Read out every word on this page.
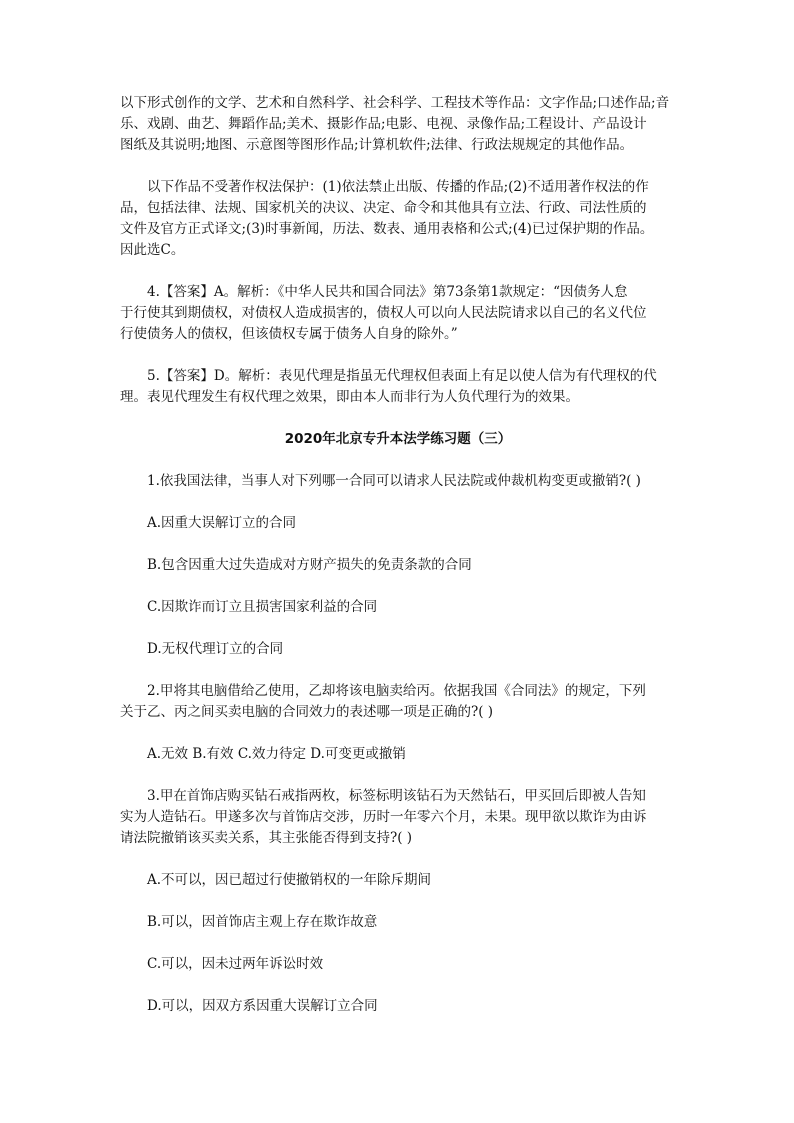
以下形式创作的文学、艺术和自然科学、社会科学、工程技术等作品：文字作品;口述作品;音
乐、戏剧、曲艺、舞蹈作品;美术、摄影作品;电影、电视、录像作品;工程设计、产品设计
图纸及其说明;地图、示意图等图形作品;计算机软件;法律、行政法规规定的其他作品。

以下作品不受著作权法保护：(1)依法禁止出版、传播的作品;(2)不适用著作权法的作
品，包括法律、法规、国家机关的决议、决定、命令和其他具有立法、行政、司法性质的
文件及官方正式译文;(3)时事新闻，历法、数表、通用表格和公式;(4)已过保护期的作品。
因此选C。

4.【答案】A。解析：《中华人民共和国合同法》第73条第1款规定：“因债务人怠
于行使其到期债权，对债权人造成损害的，债权人可以向人民法院请求以自己的名义代位
行使债务人的债权，但该债权专属于债务人自身的除外。”

5.【答案】D。解析：表见代理是指虽无代理权但表面上有足以使人信为有代理权的代
理。表见代理发生有权代理之效果，即由本人而非行为人负代理行为的效果。

2020年北京专升本法学练习题（三）

1.依我国法律，当事人对下列哪一合同可以请求人民法院或仲裁机构变更或撤销?( )

A.因重大误解订立的合同
B.包含因重大过失造成对方财产损失的免责条款的合同
C.因欺诈而订立且损害国家利益的合同
D.无权代理订立的合同

2.甲将其电脑借给乙使用，乙却将该电脑卖给丙。依据我国《合同法》的规定，下列
关于乙、丙之间买卖电脑的合同效力的表述哪一项是正确的?( )

A.无效 B.有效 C.效力待定 D.可变更或撤销

3.甲在首饰店购买钻石戒指两枚，标签标明该钻石为天然钻石，甲买回后即被人告知
实为人造钻石。甲遂多次与首饰店交涉，历时一年零六个月，未果。现甲欲以欺诈为由诉
请法院撤销该买卖关系，其主张能否得到支持?( )

A.不可以，因已超过行使撤销权的一年除斥期间
B.可以，因首饰店主观上存在欺诈故意
C.可以，因未过两年诉讼时效
D.可以，因双方系因重大误解订立合同
